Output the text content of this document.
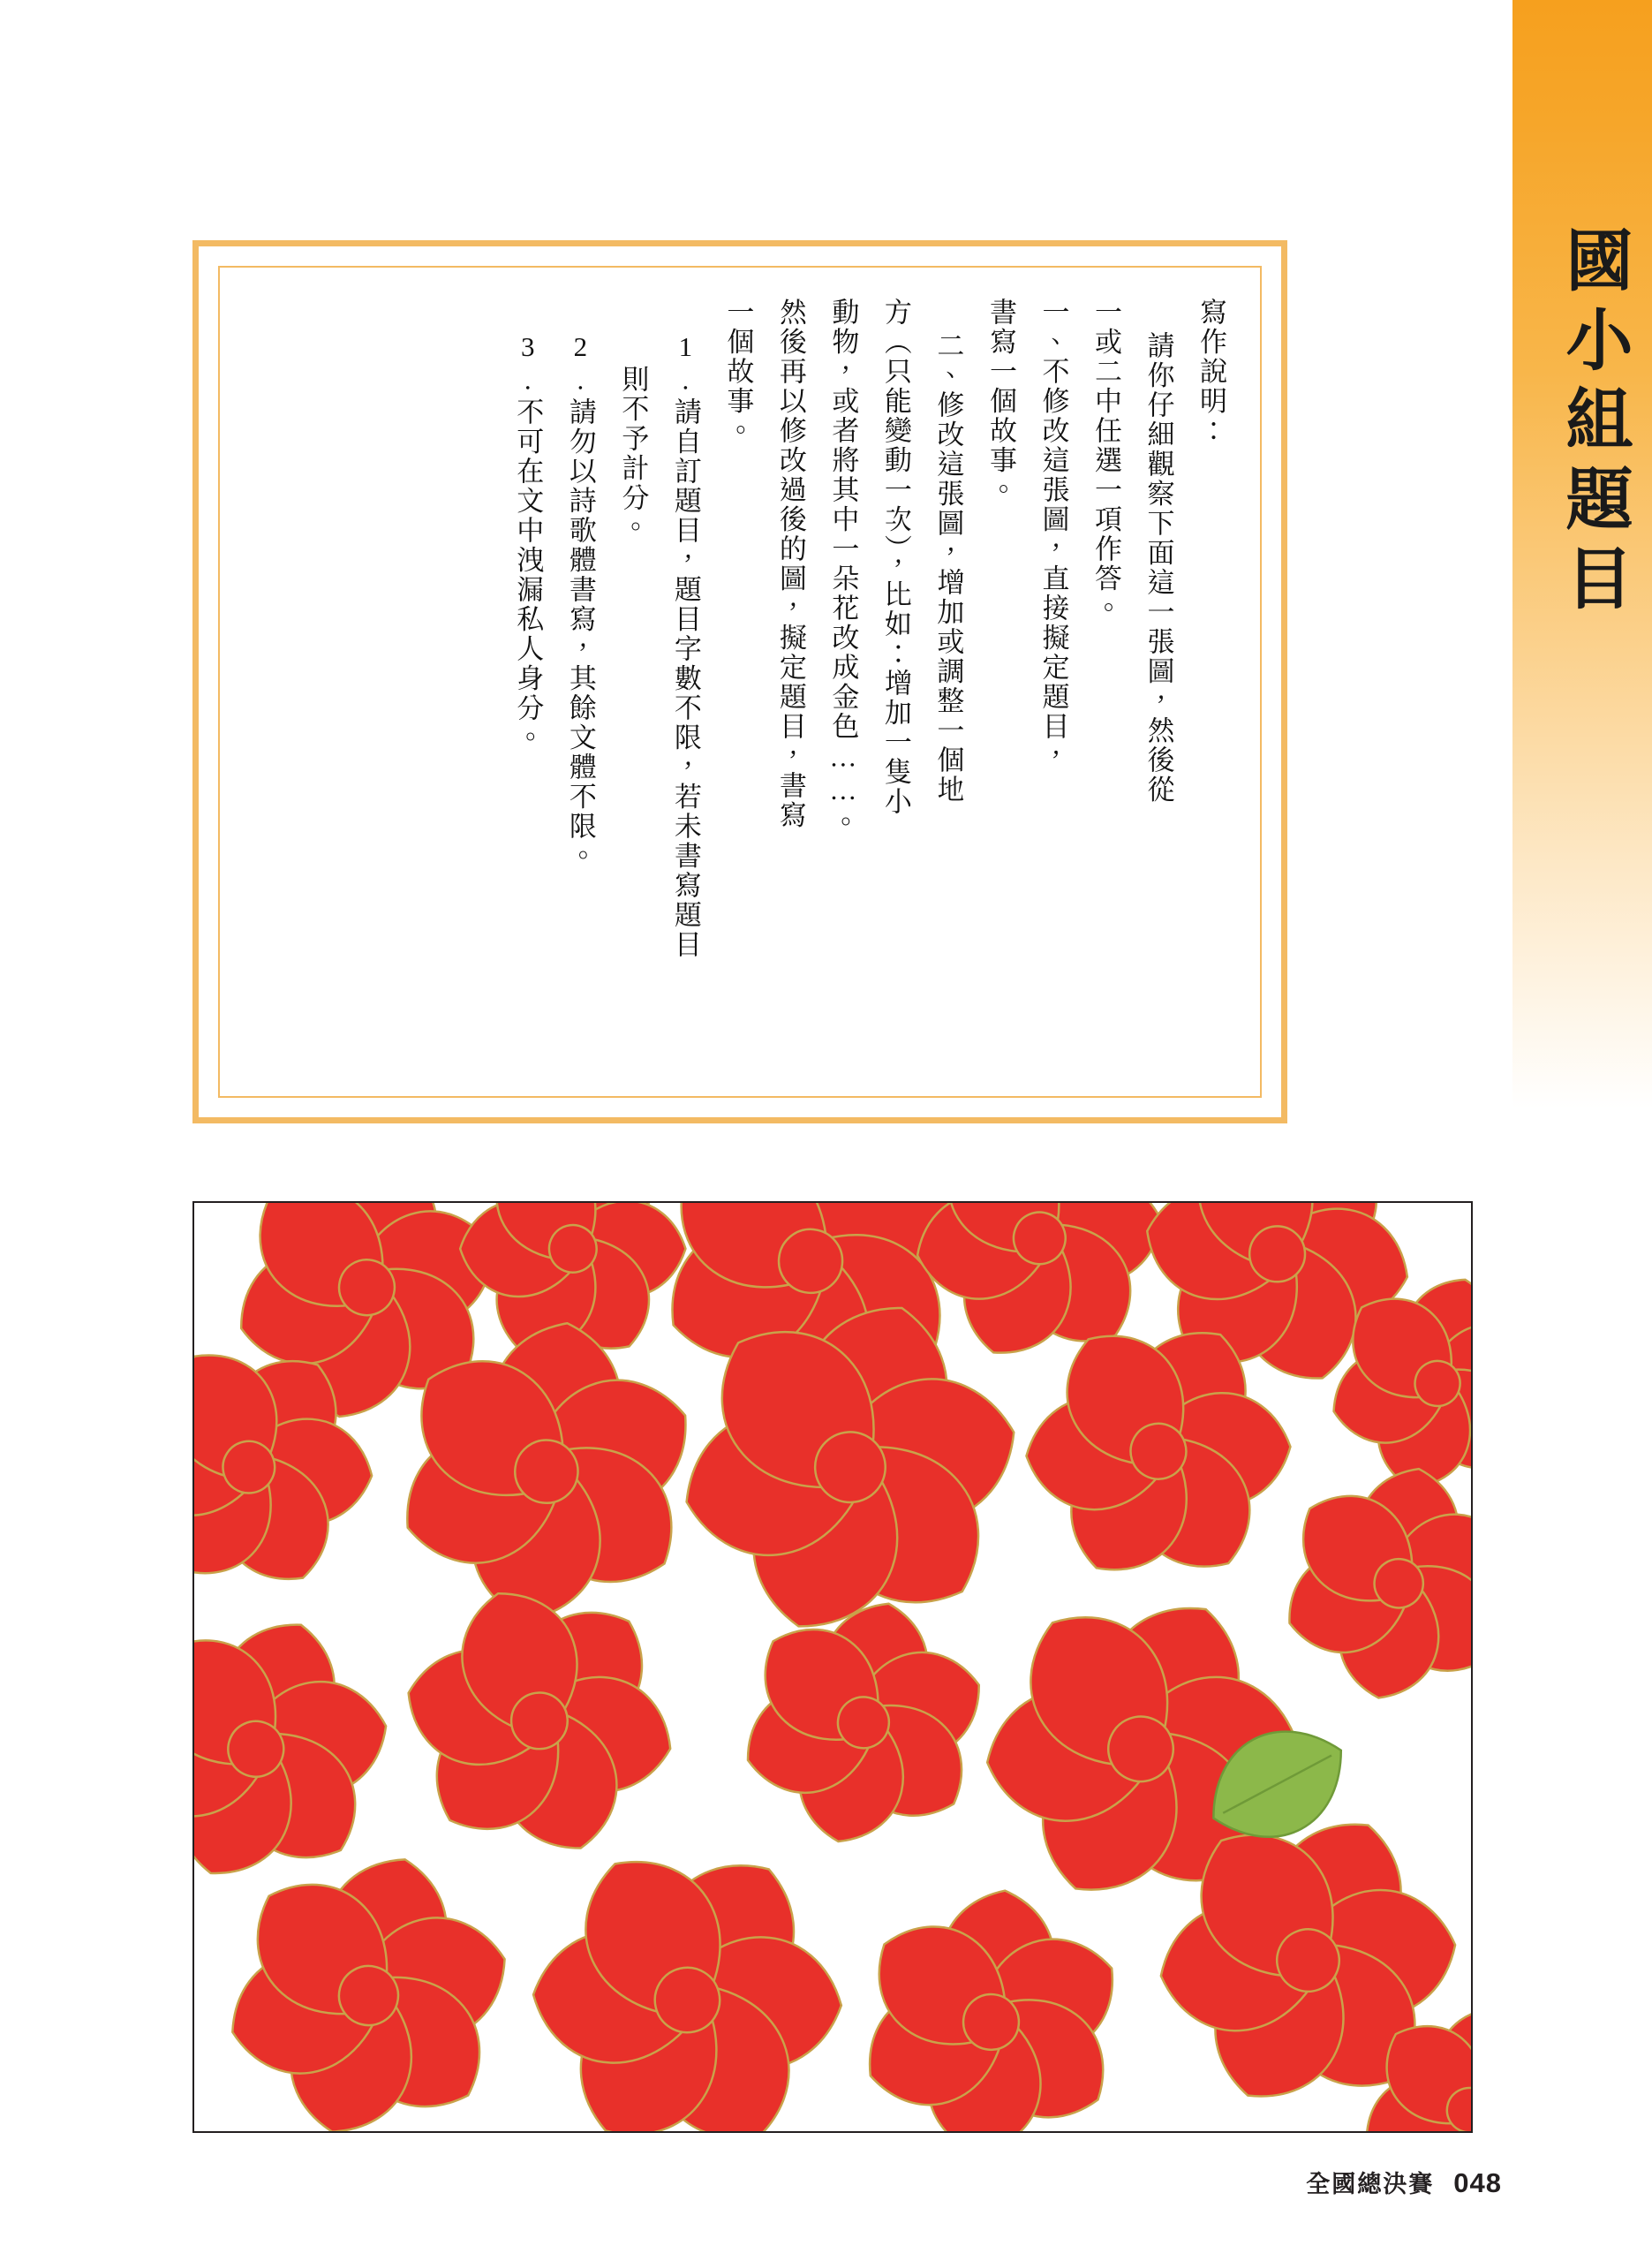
國小組題目
寫作說明：
請你仔細觀察下面這一張圖，然後從
一或二中任選一項作答。
一、不修改這張圖，直接擬定題目，
書寫一個故事。
二、修改這張圖，增加或調整一個地
方（只能變動一次），比如：增加一隻小
動物，或者將其中一朵花改成金色……。
然後再以修改過後的圖，擬定題目，書寫
一個故事。
1.請自訂題目，題目字數不限，若未書寫題目
則不予計分。
2.請勿以詩歌體書寫，其餘文體不限。
3.不可在文中洩漏私人身分。
全國總決賽 048
